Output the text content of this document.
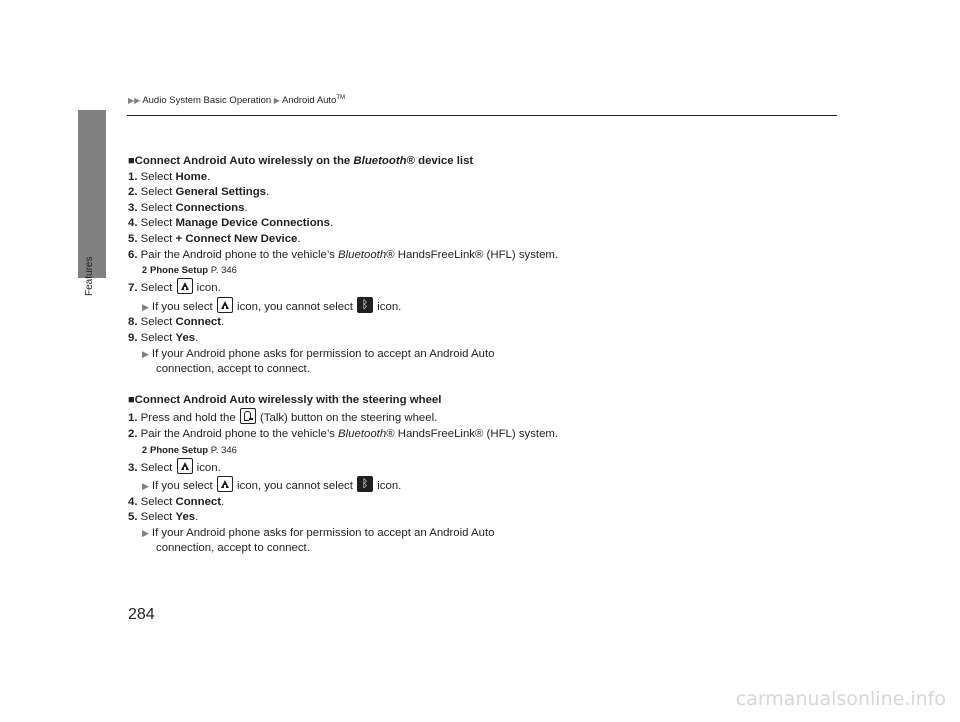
Features
▶▶ Audio System Basic Operation ▶ Android Auto™
■Connect Android Auto wirelessly on the Bluetooth® device list
1. Select Home.
2. Select General Settings.
3. Select Connections.
4. Select Manage Device Connections.
5. Select + Connect New Device.
6. Pair the Android phone to the vehicle’s Bluetooth® HandsFreeLink® (HFL) system.
2 Phone Setup P. 346
7. Select  icon.
▶ If you select  icon, you cannot select ᛒ icon.
8. Select Connect.
9. Select Yes.
▶ If your Android phone asks for permission to accept an Android Auto
connection, accept to connect.
■Connect Android Auto wirelessly with the steering wheel
1. Press and hold the  (Talk) button on the steering wheel.
2. Pair the Android phone to the vehicle’s Bluetooth® HandsFreeLink® (HFL) system.
2 Phone Setup P. 346
3. Select  icon.
▶ If you select  icon, you cannot select ᛒ icon.
4. Select Connect.
5. Select Yes.
▶ If your Android phone asks for permission to accept an Android Auto
connection, accept to connect.
284
carmanualsonline.info
